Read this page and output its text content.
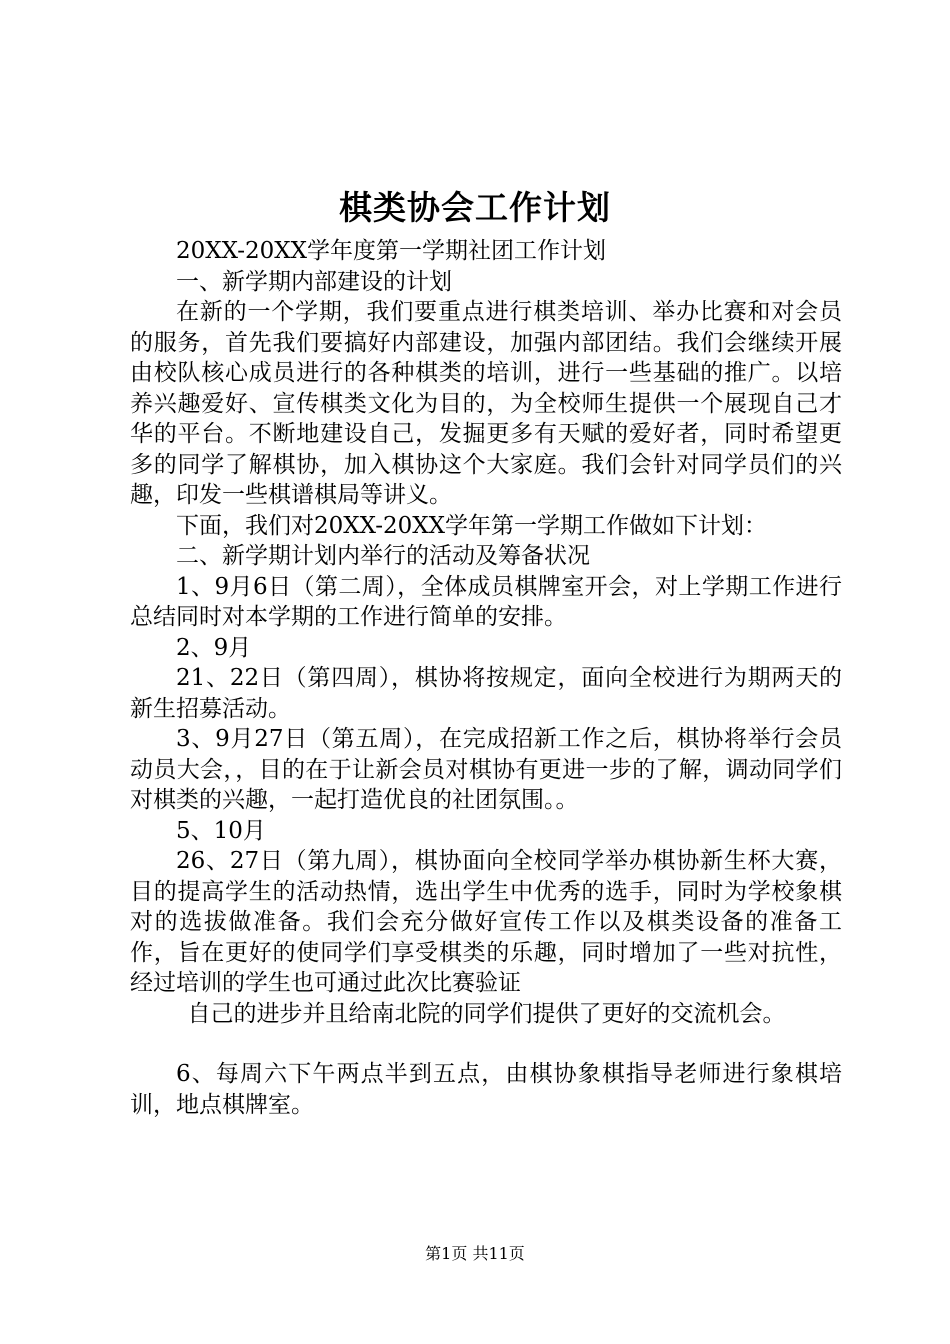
棋类协会工作计划

20XX-20XX学年度第一学期社团工作计划

一、新学期内部建设的计划

在新的一个学期，我们要重点进行棋类培训、举办比赛和对会员的服务，首先我们要搞好内部建设，加强内部团结。我们会继续开展由校队核心成员进行的各种棋类的培训，进行一些基础的推广。以培养兴趣爱好、宣传棋类文化为目的，为全校师生提供一个展现自己才华的平台。不断地建设自己，发掘更多有天赋的爱好者，同时希望更多的同学了解棋协，加入棋协这个大家庭。我们会针对同学员们的兴趣，印发一些棋谱棋局等讲义。

下面，我们对20XX-20XX学年第一学期工作做如下计划：

二、新学期计划内举行的活动及筹备状况

1、9月6日（第二周），全体成员棋牌室开会，对上学期工作进行总结同时对本学期的工作进行简单的安排。

2、9月

21、22日（第四周），棋协将按规定，面向全校进行为期两天的新生招募活动。

3、9月27日（第五周），在完成招新工作之后，棋协将举行会员动员大会，，目的在于让新会员对棋协有更进一步的了解，调动同学们对棋类的兴趣，一起打造优良的社团氛围。。

5、10月

26、27日（第九周），棋协面向全校同学举办棋协新生杯大赛，目的提高学生的活动热情，选出学生中优秀的选手，同时为学校象棋对的选拔做准备。我们会充分做好宣传工作以及棋类设备的准备工作，旨在更好的使同学们享受棋类的乐趣，同时增加了一些对抗性，经过培训的学生也可通过此次比赛验证

自己的进步并且给南北院的同学们提供了更好的交流机会。

6、每周六下午两点半到五点，由棋协象棋指导老师进行象棋培训，地点棋牌室。

第1页 共11页
